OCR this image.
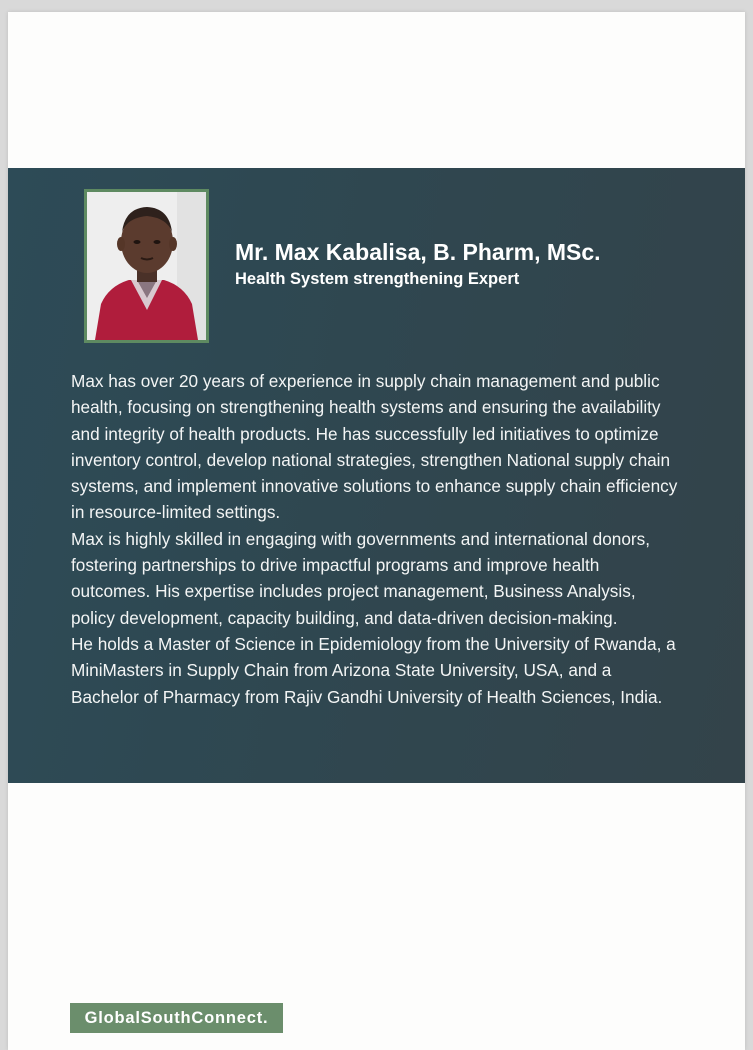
Mr. Max Kabalisa, B. Pharm, MSc.
Health System strengthening Expert

Max has over 20 years of experience in supply chain management and public health, focusing on strengthening health systems and ensuring the availability and integrity of health products. He has successfully led initiatives to optimize inventory control, develop national strategies, strengthen National supply chain systems, and implement innovative solutions to enhance supply chain efficiency in resource-limited settings.
Max is highly skilled in engaging with governments and international donors, fostering partnerships to drive impactful programs and improve health outcomes. His expertise includes project management, Business Analysis, policy development, capacity building, and data-driven decision-making.
He holds a Master of Science in Epidemiology from the University of Rwanda, a MiniMasters in Supply Chain from Arizona State University, USA, and a Bachelor of Pharmacy from Rajiv Gandhi University of Health Sciences, India.

GlobalSouthConnect.
